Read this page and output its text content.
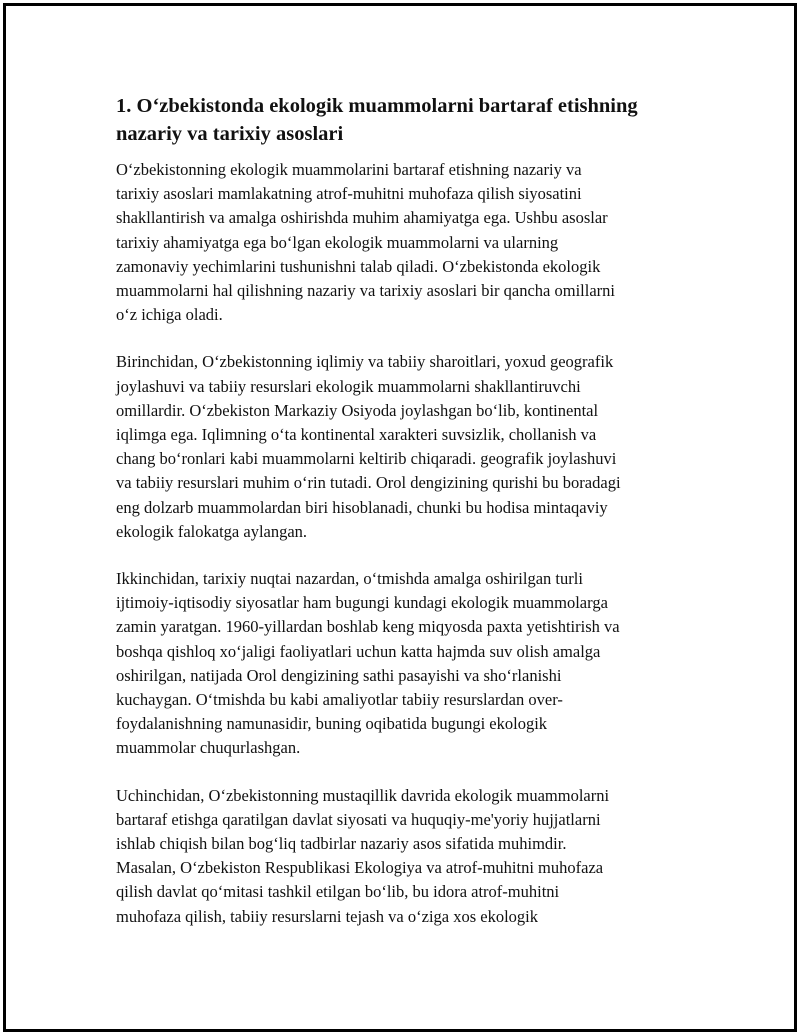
1. O‘zbekistonda ekologik muammolarni bartaraf etishning
nazariy va tarixiy asoslari

O‘zbekistonning ekologik muammolarini bartaraf etishning nazariy va
tarixiy asoslari mamlakatning atrof-muhitni muhofaza qilish siyosatini
shakllantirish va amalga oshirishda muhim ahamiyatga ega. Ushbu asoslar
tarixiy ahamiyatga ega bo‘lgan ekologik muammolarni va ularning
zamonaviy yechimlarini tushunishni talab qiladi. O‘zbekistonda ekologik
muammolarni hal qilishning nazariy va tarixiy asoslari bir qancha omillarni
o‘z ichiga oladi.

Birinchidan, O‘zbekistonning iqlimiy va tabiiy sharoitlari, yoxud geografik
joylashuvi va tabiiy resurslari ekologik muammolarni shakllantiruvchi
omillardir. O‘zbekiston Markaziy Osiyoda joylashgan bo‘lib, kontinental
iqlimga ega. Iqlimning o‘ta kontinental xarakteri suvsizlik, chollanish va
chang bo‘ronlari kabi muammolarni keltirib chiqaradi. geografik joylashuvi
va tabiiy resurslari muhim o‘rin tutadi. Orol dengizining qurishi bu boradagi
eng dolzarb muammolardan biri hisoblanadi, chunki bu hodisa mintaqaviy
ekologik falokatga aylangan.

Ikkinchidan, tarixiy nuqtai nazardan, o‘tmishda amalga oshirilgan turli
ijtimoiy-iqtisodiy siyosatlar ham bugungi kundagi ekologik muammolarga
zamin yaratgan. 1960-yillardan boshlab keng miqyosda paxta yetishtirish va
boshqa qishloq xo‘jaligi faoliyatlari uchun katta hajmda suv olish amalga
oshirilgan, natijada Orol dengizining sathi pasayishi va sho‘rlanishi
kuchaygan. O‘tmishda bu kabi amaliyotlar tabiiy resurslardan over-
foydalanishning namunasidir, buning oqibatida bugungi ekologik
muammolar chuqurlashgan.

Uchinchidan, O‘zbekistonning mustaqillik davrida ekologik muammolarni
bartaraf etishga qaratilgan davlat siyosati va huquqiy-me'yoriy hujjatlarni
ishlab chiqish bilan bog‘liq tadbirlar nazariy asos sifatida muhimdir.
Masalan, O‘zbekiston Respublikasi Ekologiya va atrof-muhitni muhofaza
qilish davlat qo‘mitasi tashkil etilgan bo‘lib, bu idora atrof-muhitni
muhofaza qilish, tabiiy resurslarni tejash va o‘ziga xos ekologik
